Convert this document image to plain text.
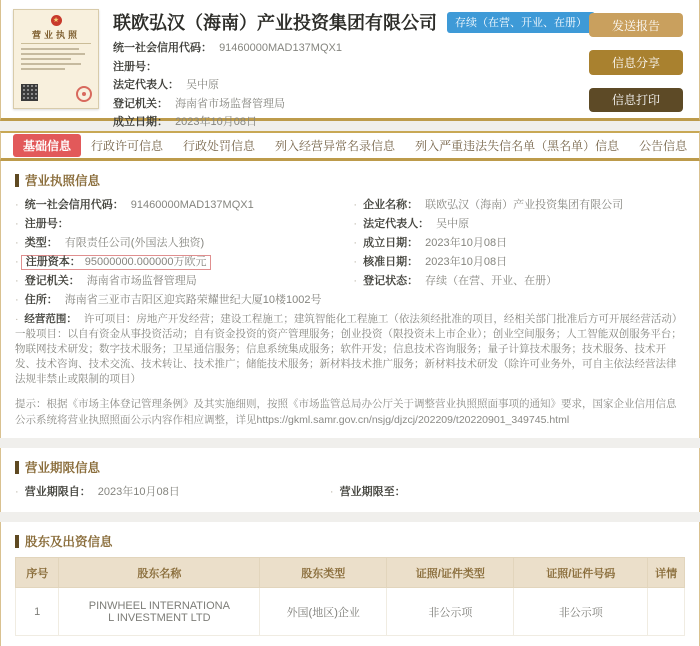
★
营业执照
联欧弘汉（海南）产业投资集团有限公司	存续（在营、开业、在册）
统一社会信用代码： 91460000MAD137MQX1
注册号：
法定代表人： 吴中原
登记机关： 海南省市场监督管理局
成立日期： 2023年10月08日
发送报告
信息分享
信息打印
基础信息	行政许可信息	行政处罚信息	列入经营异常名录信息	列入严重违法失信名单（黑名单）信息	公告信息
营业执照信息
· 统一社会信用代码： 91460000MAD137MQX1
· 注册号：
· 类型： 有限责任公司(外国法人独资)
· 注册资本： 95000000.000000万欧元
· 登记机关： 海南省市场监督管理局
· 企业名称： 联欧弘汉（海南）产业投资集团有限公司
· 法定代表人： 吴中原
· 成立日期： 2023年10月08日
· 核准日期： 2023年10月08日
· 登记状态： 存续（在营、开业、在册）
· 住所： 海南省三亚市吉阳区迎宾路荣耀世纪大厦10楼1002号
· 经营范围： 许可项目：房地产开发经营；建设工程施工；建筑智能化工程施工（依法须经批准的项目，经相关部门批准后方可开展经营活动）一般项目：以自有资金从事投资活动；自有资金投资的资产管理服务；创业投资（限投资未上市企业）；创业空间服务；人工智能双创服务平台；物联网技术研发；数字技术服务；卫星通信服务；信息系统集成服务；软件开发；信息技术咨询服务；量子计算技术服务；技术服务、技术开发、技术咨询、技术交流、技术转让、技术推广；储能技术服务；新材料技术推广服务；新材料技术研发（除许可业务外，可自主依法经营法律法规非禁止或限制的项目）
提示：根据《市场主体登记管理条例》及其实施细则，按照《市场监管总局办公厅关于调整营业执照照面事项的通知》要求，国家企业信用信息公示系统将营业执照照面公示内容作相应调整，详见https://gkml.samr.gov.cn/nsjg/djzcj/202209/t20220901_349745.html
营业期限信息
· 营业期限自： 2023年10月08日	· 营业期限至：
股东及出资信息
序号	股东名称	股东类型	证照/证件类型	证照/证件号码	详情
1	PINWHEEL INTERNATIONAL INVESTMENT LTD	外国(地区)企业	非公示项	非公示项	
